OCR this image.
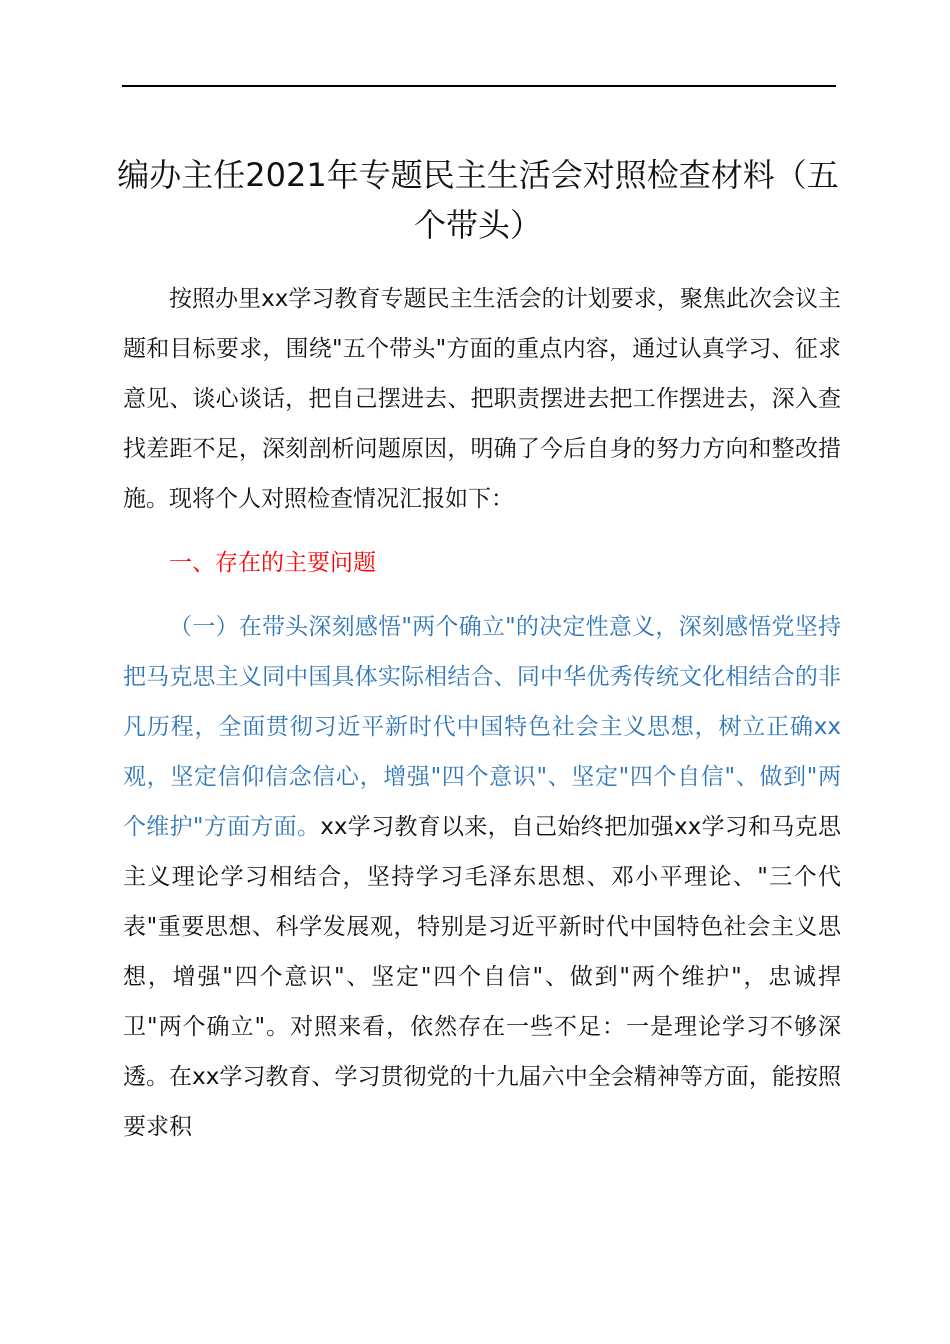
编办主任2021年专题民主生活会对照检查材料（五个带头）

按照办里xx学习教育专题民主生活会的计划要求，聚焦此次会议主题和目标要求，围绕"五个带头"方面的重点内容，通过认真学习、征求意见、谈心谈话，把自己摆进去、把职责摆进去把工作摆进去，深入查找差距不足，深刻剖析问题原因，明确了今后自身的努力方向和整改措施。现将个人对照检查情况汇报如下：

一、存在的主要问题

（一）在带头深刻感悟"两个确立"的决定性意义，深刻感悟党坚持把马克思主义同中国具体实际相结合、同中华优秀传统文化相结合的非凡历程，全面贯彻习近平新时代中国特色社会主义思想，树立正确xx观，坚定信仰信念信心，增强"四个意识"、坚定"四个自信"、做到"两个维护"方面方面。xx学习教育以来，自己始终把加强xx学习和马克思主义理论学习相结合，坚持学习毛泽东思想、邓小平理论、"三个代表"重要思想、科学发展观，特别是习近平新时代中国特色社会主义思想，增强"四个意识"、坚定"四个自信"、做到"两个维护"，忠诚捍卫"两个确立"。对照来看，依然存在一些不足：一是理论学习不够深透。在xx学习教育、学习贯彻党的十九届六中全会精神等方面，能按照要求积
